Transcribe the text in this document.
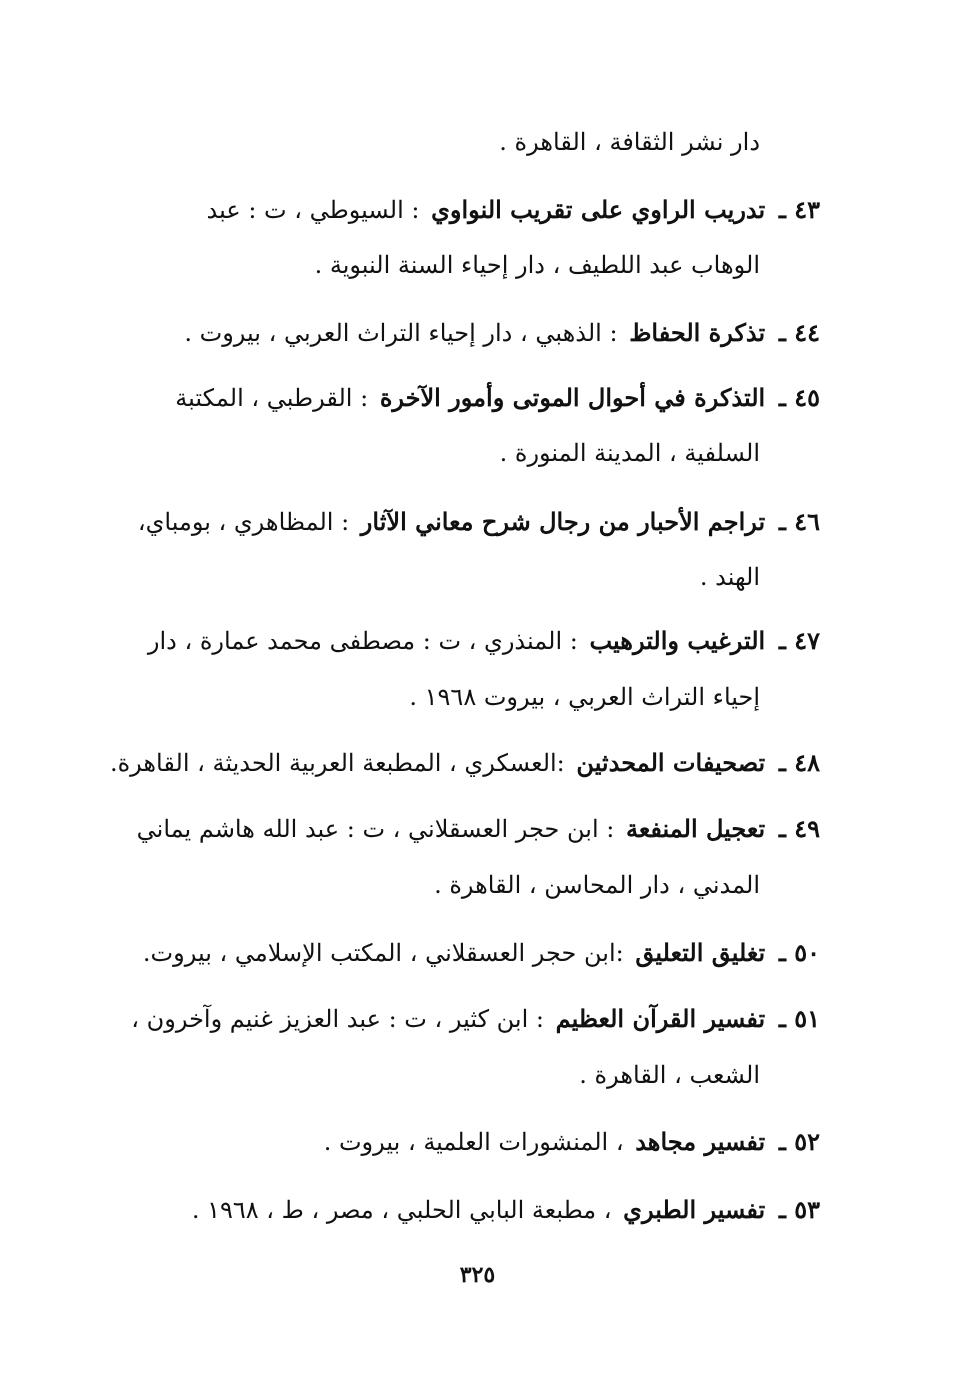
دار نشر الثقافة ، القاهرة .
٤٣ ـ تدريب الراوي على تقريب النواوي : السيوطي ، ت : عبد
الوهاب عبد اللطيف ، دار إحياء السنة النبوية .
٤٤ ـ تذكرة الحفاظ : الذهبي ، دار إحياء التراث العربي ، بيروت .
٤٥ ـ التذكرة في أحوال الموتى وأمور الآخرة : القرطبي ، المكتبة
السلفية ، المدينة المنورة .
٤٦ ـ تراجم الأحبار من رجال شرح معاني الآثار : المظاهري ، بومباي،
الهند .
٤٧ ـ الترغيب والترهيب : المنذري ، ت : مصطفى محمد عمارة ، دار
إحياء التراث العربي ، بيروت ١٩٦٨ .
٤٨ ـ تصحيفات المحدثين :العسكري ، المطبعة العربية الحديثة ، القاهرة.
٤٩ ـ تعجيل المنفعة : ابن حجر العسقلاني ، ت : عبد الله هاشم يماني
المدني ، دار المحاسن ، القاهرة .
٥٠ ـ تغليق التعليق :ابن حجر العسقلاني ، المكتب الإسلامي ، بيروت.
٥١ ـ تفسير القرآن العظيم : ابن كثير ، ت : عبد العزيز غنيم وآخرون ،
الشعب ، القاهرة .
٥٢ ـ تفسير مجاهد ، المنشورات العلمية ، بيروت .
٥٣ ـ تفسير الطبري ، مطبعة البابي الحلبي ، مصر ، ط ، ١٩٦٨ .
٣٢٥
